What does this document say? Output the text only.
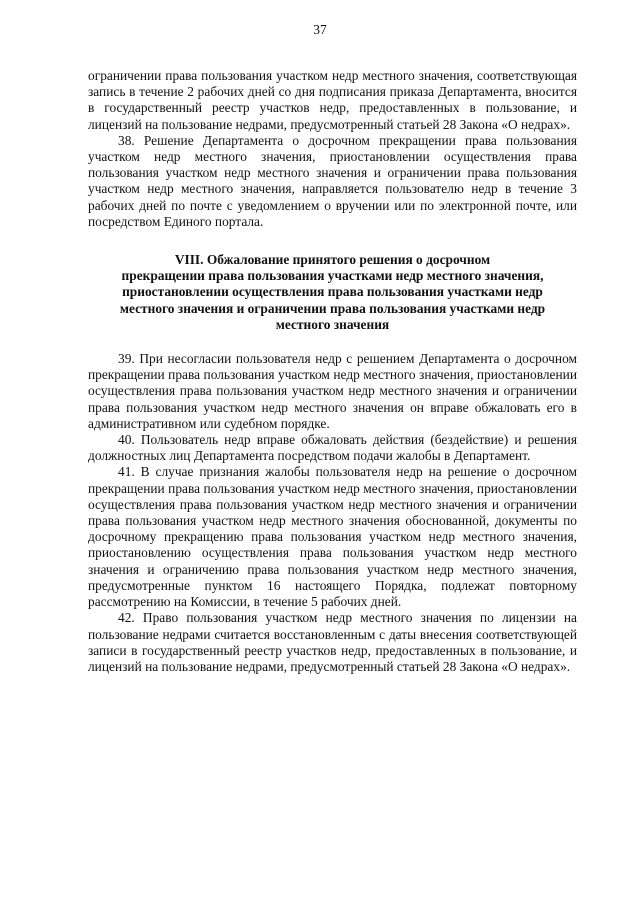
37

ограничении права пользования участком недр местного значения, соответствующая запись в течение 2 рабочих дней со дня подписания приказа Департамента, вносится в государственный реестр участков недр, предоставленных в пользование, и лицензий на пользование недрами, предусмотренный статьей 28 Закона «О недрах».

38. Решение Департамента о досрочном прекращении права пользования участком недр местного значения, приостановлении осуществления права пользования участком недр местного значения и ограничении права пользования участком недр местного значения, направляется пользователю недр в течение 3 рабочих дней по почте с уведомлением о вручении или по электронной почте, или посредством Единого портала.

VIII. Обжалование принятого решения о досрочном
прекращении права пользования участками недр местного значения,
приостановлении осуществления права пользования участками недр
местного значения и ограничении права пользования участками недр
местного значения

39. При несогласии пользователя недр с решением Департамента о досрочном прекращении права пользования участком недр местного значения, приостановлении осуществления права пользования участком недр местного значения и ограничении права пользования участком недр местного значения он вправе обжаловать его в административном или судебном порядке.

40. Пользователь недр вправе обжаловать действия (бездействие) и решения должностных лиц Департамента посредством подачи жалобы в Департамент.

41. В случае признания жалобы пользователя недр на решение о досрочном прекращении права пользования участком недр местного значения, приостановлении осуществления права пользования участком недр местного значения и ограничении права пользования участком недр местного значения обоснованной, документы по досрочному прекращению права пользования участком недр местного значения, приостановлению осуществления права пользования участком недр местного значения и ограничению права пользования участком недр местного значения, предусмотренные пунктом 16 настоящего Порядка, подлежат повторному рассмотрению на Комиссии, в течение 5 рабочих дней.

42. Право пользования участком недр местного значения по лицензии на пользование недрами считается восстановленным с даты внесения соответствующей записи в государственный реестр участков недр, предоставленных в пользование, и лицензий на пользование недрами, предусмотренный статьей 28 Закона «О недрах».
